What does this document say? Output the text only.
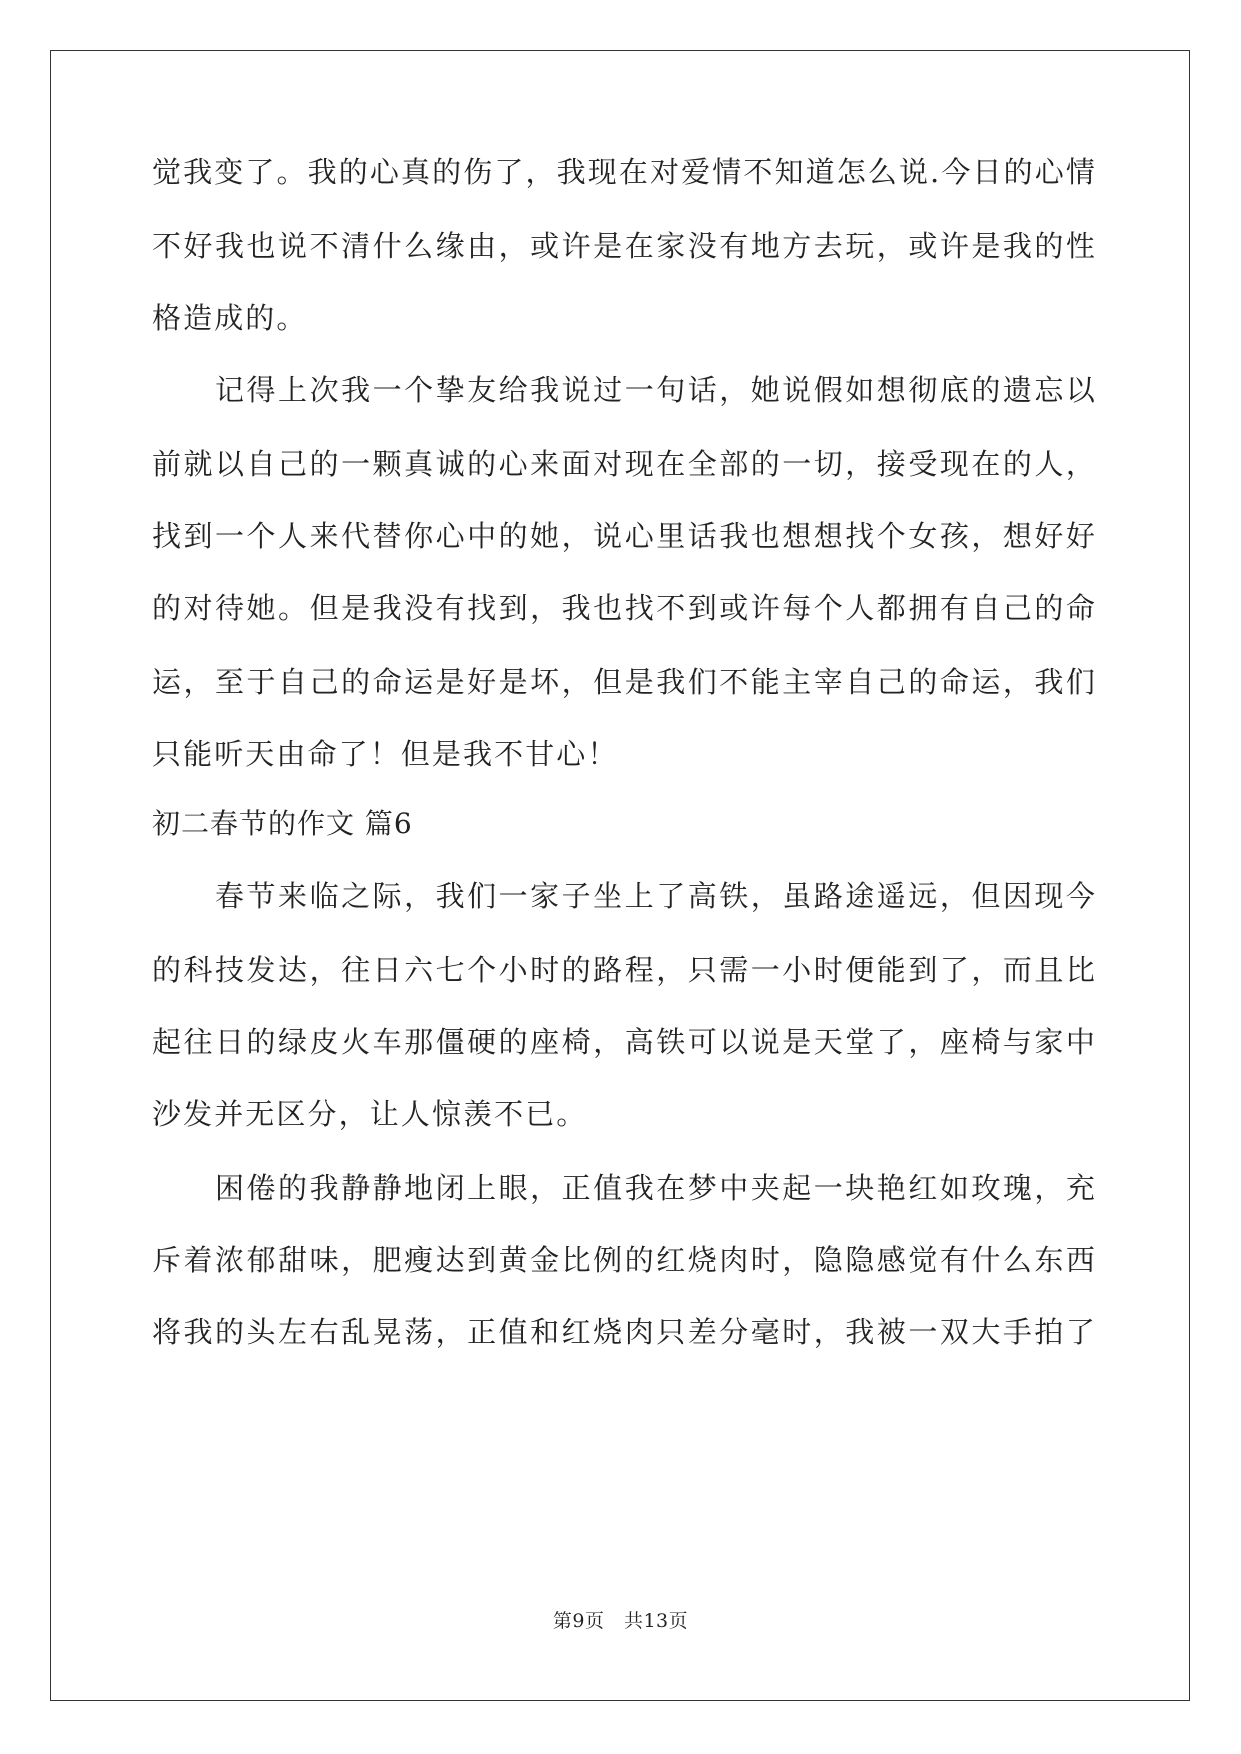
觉我变了。我的心真的伤了，我现在对爱情不知道怎么说.今日的心情
不好我也说不清什么缘由，或许是在家没有地方去玩，或许是我的性
格造成的。
　　记得上次我一个挚友给我说过一句话，她说假如想彻底的遗忘以
前就以自己的一颗真诚的心来面对现在全部的一切，接受现在的人，
找到一个人来代替你心中的她，说心里话我也想想找个女孩，想好好
的对待她。但是我没有找到，我也找不到或许每个人都拥有自己的命
运，至于自己的命运是好是坏，但是我们不能主宰自己的命运，我们
只能听天由命了！但是我不甘心！
初二春节的作文 篇6
　　春节来临之际，我们一家子坐上了高铁，虽路途遥远，但因现今
的科技发达，往日六七个小时的路程，只需一小时便能到了，而且比
起往日的绿皮火车那僵硬的座椅，高铁可以说是天堂了，座椅与家中
沙发并无区分，让人惊羡不已。
　　困倦的我静静地闭上眼，正值我在梦中夹起一块艳红如玫瑰，充
斥着浓郁甜味，肥瘦达到黄金比例的红烧肉时，隐隐感觉有什么东西
将我的头左右乱晃荡，正值和红烧肉只差分毫时，我被一双大手拍了
第9页　共13页
